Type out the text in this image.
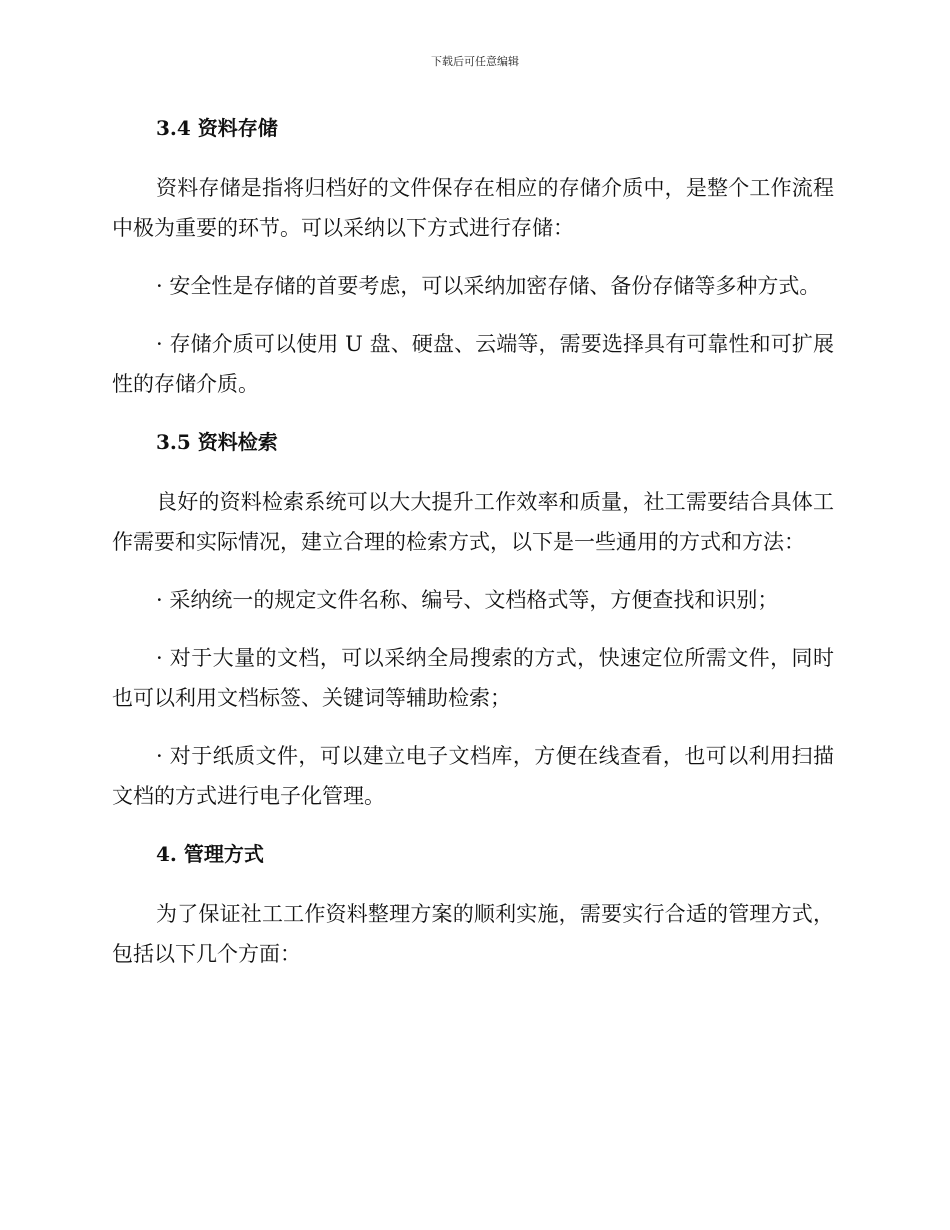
下载后可任意编辑
3.4 资料存储

资料存储是指将归档好的文件保存在相应的存储介质中，是整个工作流程中极为重要的环节。可以采纳以下方式进行存储：

· 安全性是存储的首要考虑，可以采纳加密存储、备份存储等多种方式。

· 存储介质可以使用 U 盘、硬盘、云端等，需要选择具有可靠性和可扩展性的存储介质。

3.5 资料检索

良好的资料检索系统可以大大提升工作效率和质量，社工需要结合具体工作需要和实际情况，建立合理的检索方式，以下是一些通用的方式和方法：

· 采纳统一的规定文件名称、编号、文档格式等，方便查找和识别；

· 对于大量的文档，可以采纳全局搜索的方式，快速定位所需文件，同时也可以利用文档标签、关键词等辅助检索；

· 对于纸质文件，可以建立电子文档库，方便在线查看，也可以利用扫描文档的方式进行电子化管理。

4. 管理方式

为了保证社工工作资料整理方案的顺利实施，需要实行合适的管理方式，包括以下几个方面：
